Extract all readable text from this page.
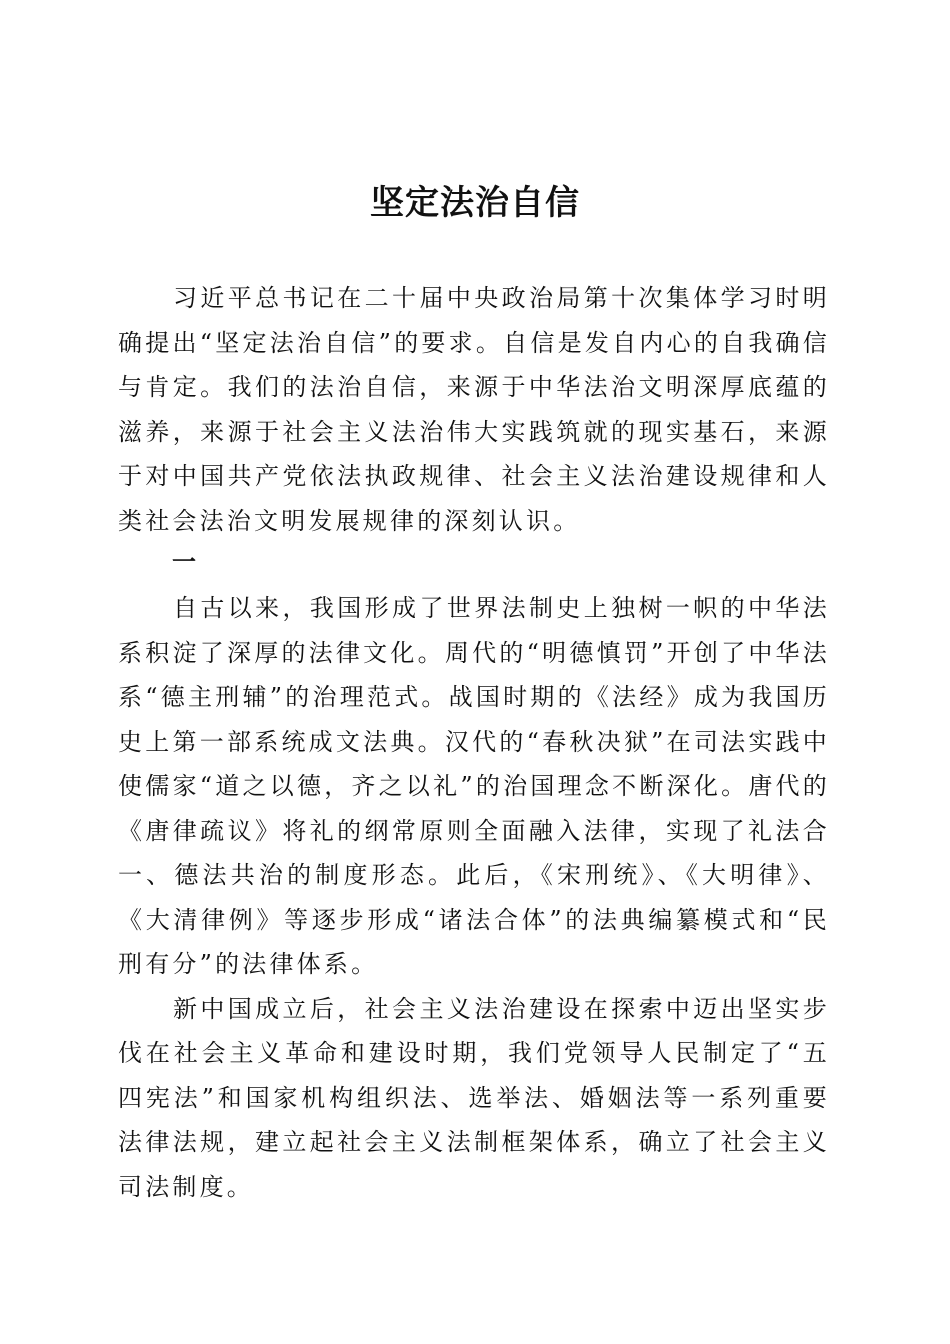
坚定法治自信

习近平总书记在二十届中央政治局第十次集体学习时明确提出“坚定法治自信”的要求。自信是发自内心的自我确信与肯定。我们的法治自信，来源于中华法治文明深厚底蕴的滋养，来源于社会主义法治伟大实践筑就的现实基石，来源于对中国共产党依法执政规律、社会主义法治建设规律和人类社会法治文明发展规律的深刻认识。

一

自古以来，我国形成了世界法制史上独树一帜的中华法系积淀了深厚的法律文化。周代的“明德慎罚”开创了中华法系“德主刑辅”的治理范式。战国时期的《法经》成为我国历史上第一部系统成文法典。汉代的“春秋决狱”在司法实践中使儒家“道之以德，齐之以礼”的治国理念不断深化。唐代的《唐律疏议》将礼的纲常原则全面融入法律，实现了礼法合一、德法共治的制度形态。此后，《宋刑统》、《大明律》、《大清律例》等逐步形成“诸法合体”的法典编纂模式和“民刑有分”的法律体系。

新中国成立后，社会主义法治建设在探索中迈出坚实步伐在社会主义革命和建设时期，我们党领导人民制定了“五四宪法”和国家机构组织法、选举法、婚姻法等一系列重要法律法规，建立起社会主义法制框架体系，确立了社会主义司法制度。
